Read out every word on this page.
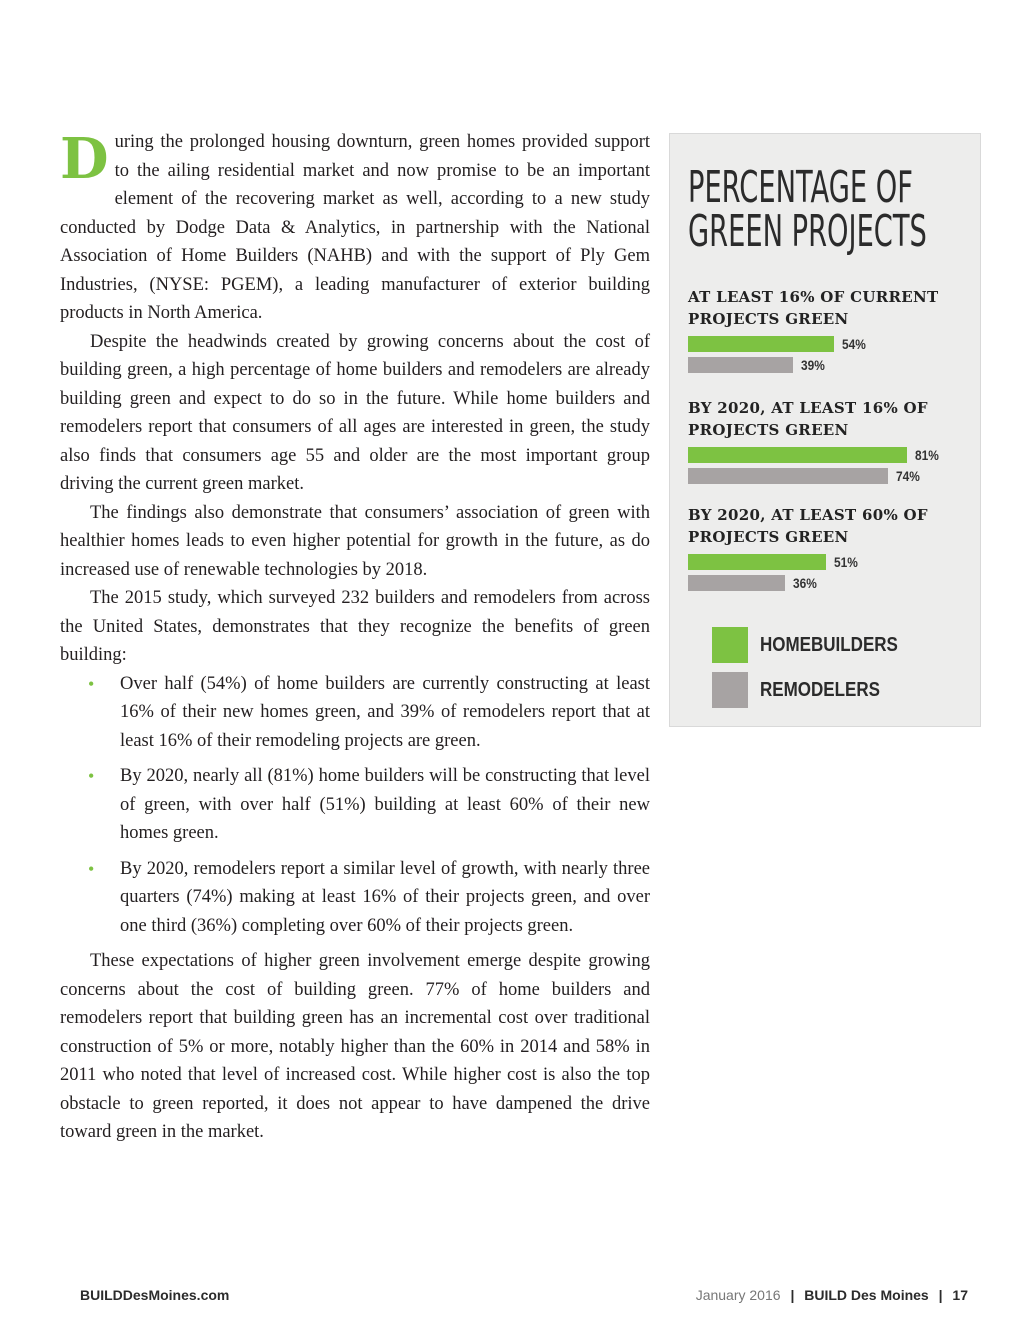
During the prolonged housing downturn, green homes provided support to the ailing residential market and now promise to be an important element of the recovering market as well, according to a new study conducted by Dodge Data & Analytics, in partnership with the National Association of Home Builders (NAHB) and with the support of Ply Gem Industries, (NYSE: PGEM), a leading manufacturer of exterior building products in North America.

Despite the headwinds created by growing concerns about the cost of building green, a high percentage of home builders and remodelers are already building green and expect to do so in the future. While home builders and remodelers report that consumers of all ages are interested in green, the study also finds that consumers age 55 and older are the most important group driving the current green market.

The findings also demonstrate that consumers’ association of green with healthier homes leads to even higher potential for growth in the future, as do increased use of renewable technologies by 2018.

The 2015 study, which surveyed 232 builders and remodelers from across the United States, demonstrates that they recognize the benefits of green building:

• Over half (54%) of home builders are currently constructing at least 16% of their new homes green, and 39% of remodelers report that at least 16% of their remodeling projects are green.
• By 2020, nearly all (81%) home builders will be constructing that level of green, with over half (51%) building at least 60% of their new homes green.
• By 2020, remodelers report a similar level of growth, with nearly three quarters (74%) making at least 16% of their projects green, and over one third (36%) completing over 60% of their projects green.

These expectations of higher green involvement emerge despite growing concerns about the cost of building green. 77% of home builders and remodelers report that building green has an incremental cost over traditional construction of 5% or more, notably higher than the 60% in 2014 and 58% in 2011 who noted that level of increased cost. While higher cost is also the top obstacle to green reported, it does not appear to have dampened the drive toward green in the market.

PERCENTAGE OF
GREEN PROJECTS
AT LEAST 16% OF CURRENT PROJECTS GREEN
54%
39%
BY 2020, AT LEAST 16% OF PROJECTS GREEN
81%
74%
BY 2020, AT LEAST 60% OF PROJECTS GREEN
51%
36%
HOMEBUILDERS
REMODELERS
BUILDDesMoines.com	January 2016 | BUILD Des Moines | 17
